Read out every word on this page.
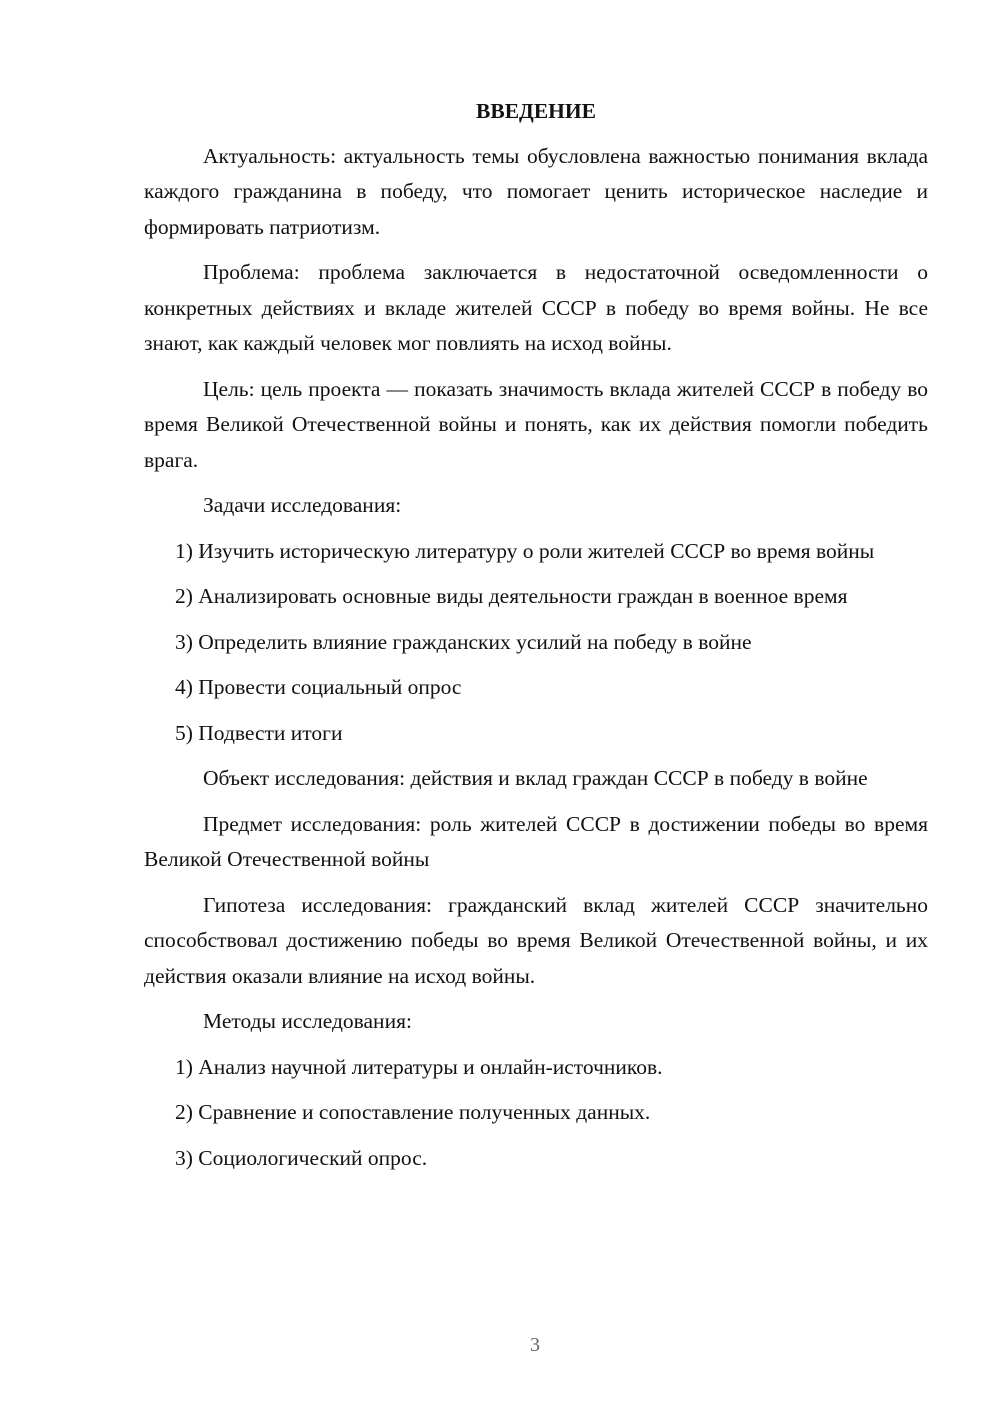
ВВЕДЕНИЕ

Актуальность: актуальность темы обусловлена важностью понимания вклада каждого гражданина в победу, что помогает ценить историческое наследие и формировать патриотизм.

Проблема: проблема заключается в недостаточной осведомленности о конкретных действиях и вкладе жителей СССР в победу во время войны. Не все знают, как каждый человек мог повлиять на исход войны.

Цель: цель проекта — показать значимость вклада жителей СССР в победу во время Великой Отечественной войны и понять, как их действия помогли победить врага.

Задачи исследования:

1) Изучить историческую литературу о роли жителей СССР во время войны

2) Анализировать основные виды деятельности граждан в военное время

3) Определить влияние гражданских усилий на победу в войне

4) Провести социальный опрос

5) Подвести итоги

Объект исследования: действия и вклад граждан СССР в победу в войне

Предмет исследования: роль жителей СССР в достижении победы во время Великой Отечественной войны

Гипотеза исследования: гражданский вклад жителей СССР значительно способствовал достижению победы во время Великой Отечественной войны, и их действия оказали влияние на исход войны.

Методы исследования:

1) Анализ научной литературы и онлайн-источников.

2) Сравнение и сопоставление полученных данных.

3) Социологический опрос.

3
